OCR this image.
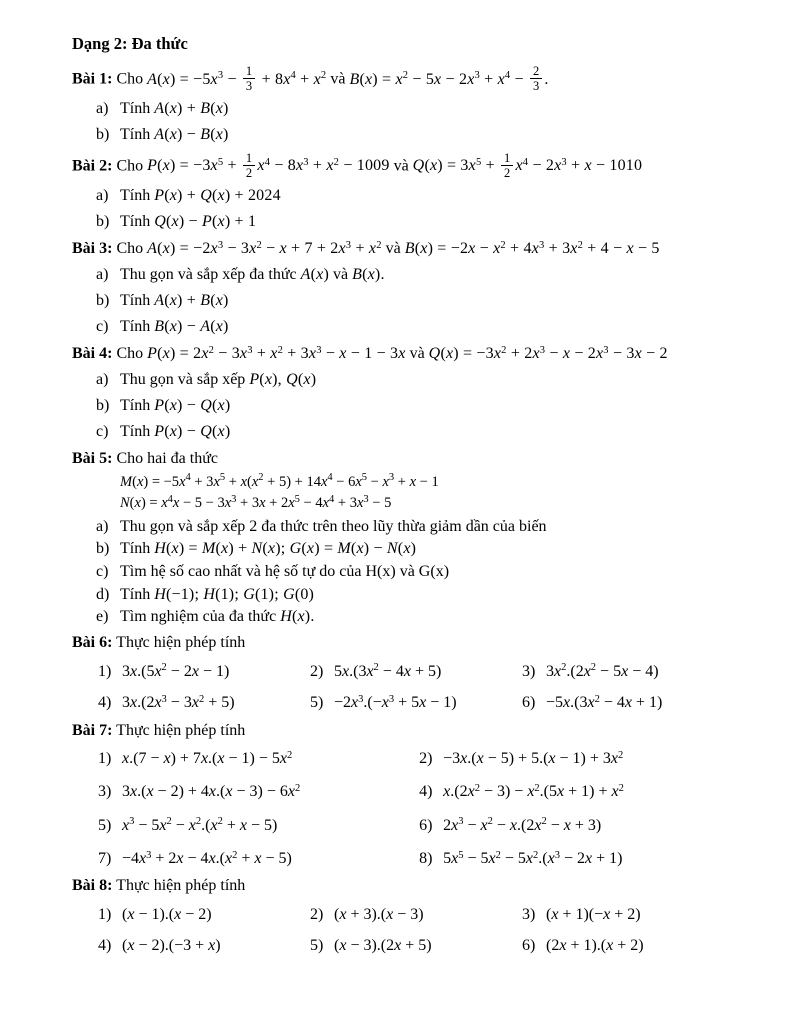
Dạng 2: Đa thức
Bài 1: Cho $A(x) = -5x^3 - \frac{1}{3} + 8x^4 + x^2$ và $B(x) = x^2 - 5x - 2x^3 + x^4 - \frac{2}{3}$ .
a) Tính A(x) + B(x)
b) Tính A(x) − B(x)
Bài 2: Cho $P(x) = -3x^5 + \frac{1}{2} x^4 - 8x^3 + x^2 - 1009$ và $Q(x) = 3x^5 + \frac{1}{2} x^4 - 2x^3 + x - 1010$
a) Tính P(x) + Q(x) + 2024
b) Tính Q(x) − P(x) + 1
Bài 3: Cho $A(x) = -2x^3 - 3x^2 - x + 7 + 2x^3 + x^2$ và $B(x) = -2x - x^2 + 4x^3 + 3x^2 + 4 - x - 5$
a) Thu gọn và sắp xếp đa thức A(x) và B(x).
b) Tính A(x) + B(x)
c) Tính B(x) − A(x)
Bài 4: Cho $P(x) = 2x^2 - 3x^3 + x^2 + 3x^3 - x - 1 - 3x$ và $Q(x) = -3x^2 + 2x^3 - x - 2x^3 - 3x - 2$
a) Thu gọn và sắp xếp P(x), Q(x)
b) Tính P(x) − Q(x)
c) Tính P(x) − Q(x)
Bài 5: Cho hai đa thức
$M(x) = -5x^4 + 3x^5 + x(x^2 + 5) + 14x^4 - 6x^5 - x^3 + x - 1$
$N(x) = x^4x - 5 - 3x^3 + 3x + 2x^5 - 4x^4 + 3x^3 - 5$
a) Thu gọn và sắp xếp 2 đa thức trên theo lũy thừa giảm dần của biến
b) Tính H(x) = M(x) + N(x); G(x) = M(x) − N(x)
c) Tìm hệ số cao nhất và hệ số tự do của H(x) và G(x)
d) Tính H(−1); H(1); G(1); G(0)
e) Tìm nghiệm của đa thức H(x).
Bài 6: Thực hiện phép tính
1) $3x.(5x^2 - 2x - 1)$	2) $5x.(3x^2 - 4x + 5)$	3) $3x^2.(2x^2 - 5x - 4)$
4) $3x.(2x^3 - 3x^2 + 5)$	$5) -2x^3.(-x^3 + 5x - 1)$	$6) -5x.(3x^2 - 4x + 1)$
Bài 7: Thực hiện phép tính
1) $x.(7 - x) + 7x.(x - 1) - 5x^2$	$2) -3x.(x - 5) + 5.(x - 1) + 3x^2$
3) $3x.(x - 2) + 4x.(x - 3) - 6x^2$	4) $x.(2x^2 - 3) - x^2.(5x + 1) + x^2$
5) $x^3 - 5x^2 - x^2.(x^2 + x - 5)$	6) $2x^3 - x^2 - x.(2x^2 - x + 3)$
$7) -4x^3 + 2x - 4x.(x^2 + x - 5)$	8) $5x^5 - 5x^2 - 5x^2.(x^3 - 2x + 1)$
Bài 8: Thực hiện phép tính
1) (x − 1).(x − 2)	2) (x + 3).(x − 3)	3) (x + 1)(−x + 2)
4) (x − 2).(−3 + x)	5) (x − 3).(2x + 5)	6) (2x + 1).(x + 2)
